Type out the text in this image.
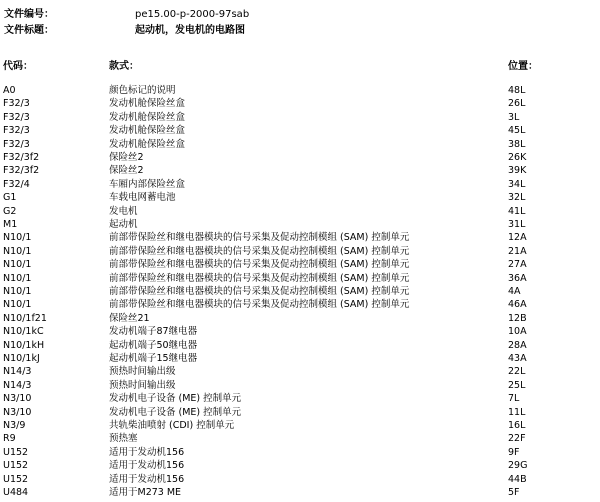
文件编号：	pe15.00-p-2000-97sab
文件标题：	起动机，发电机的电路图
代码：	款式：	位置：
A0	颜色标记的说明	48L
F32/3	发动机舱保险丝盒	26L
F32/3	发动机舱保险丝盒	3L
F32/3	发动机舱保险丝盒	45L
F32/3	发动机舱保险丝盒	38L
F32/3f2	保险丝2	26K
F32/3f2	保险丝2	39K
F32/4	车厢内部保险丝盒	34L
G1	车载电网蓄电池	32L
G2	发电机	41L
M1	起动机	31L
N10/1	前部带保险丝和继电器模块的信号采集及促动控制模组 (SAM) 控制单元	12A
N10/1	前部带保险丝和继电器模块的信号采集及促动控制模组 (SAM) 控制单元	21A
N10/1	前部带保险丝和继电器模块的信号采集及促动控制模组 (SAM) 控制单元	27A
N10/1	前部带保险丝和继电器模块的信号采集及促动控制模组 (SAM) 控制单元	36A
N10/1	前部带保险丝和继电器模块的信号采集及促动控制模组 (SAM) 控制单元	4A
N10/1	前部带保险丝和继电器模块的信号采集及促动控制模组 (SAM) 控制单元	46A
N10/1f21	保险丝21	12B
N10/1kC	发动机端子87继电器	10A
N10/1kH	起动机端子50继电器	28A
N10/1kJ	起动机端子15继电器	43A
N14/3	预热时间输出级	22L
N14/3	预热时间输出级	25L
N3/10	发动机电子设备 (ME) 控制单元	7L
N3/10	发动机电子设备 (ME) 控制单元	11L
N3/9	共轨柴油喷射 (CDI) 控制单元	16L
R9	预热塞	22F
U152	适用于发动机156	9F
U152	适用于发动机156	29G
U152	适用于发动机156	44B
U484	适用于M273 ME	5F
